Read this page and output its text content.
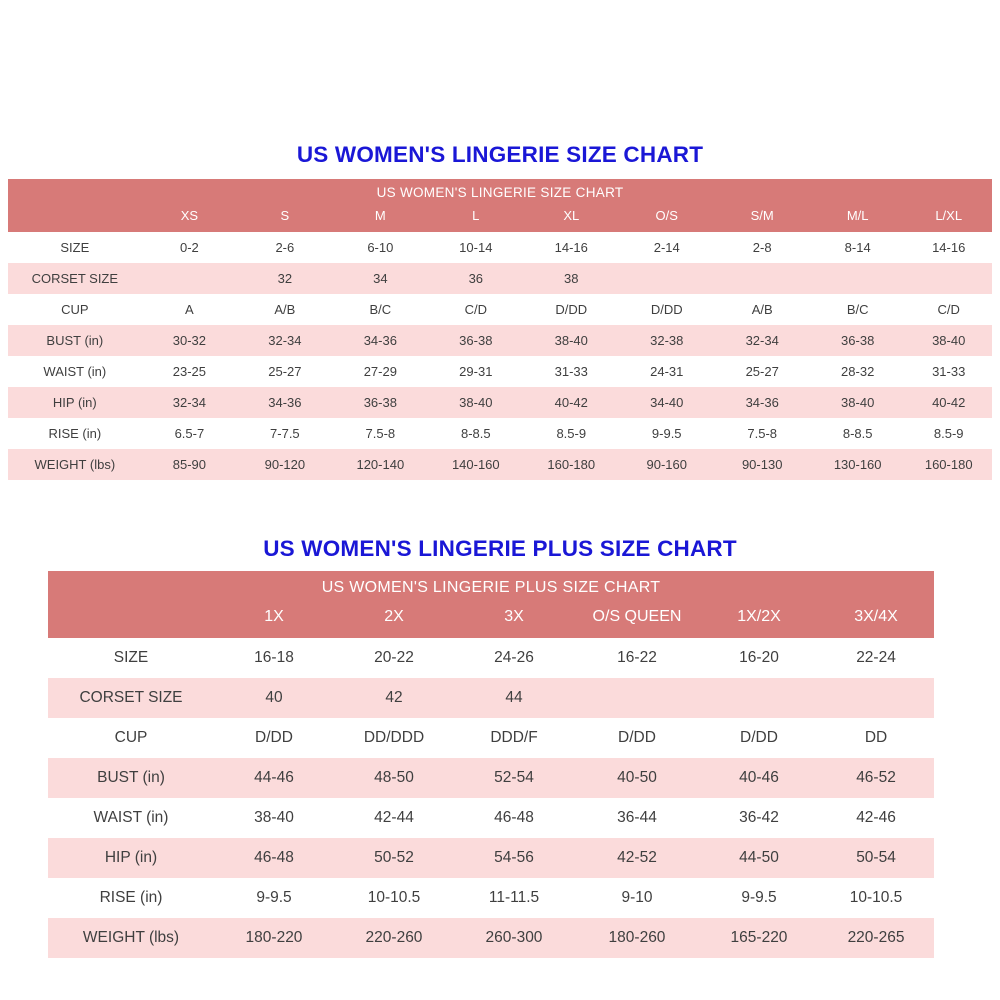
US WOMEN'S LINGERIE SIZE CHART
US WOMEN'S LINGERIE SIZE CHART									
	XS	S	M	L	XL	O/S	S/M	M/L	L/XL
SIZE	0-2	2-6	6-10	10-14	14-16	2-14	2-8	8-14	14-16
CORSET SIZE		32	34	36	38				
CUP	A	A/B	B/C	C/D	D/DD	D/DD	A/B	B/C	C/D
BUST (in)	30-32	32-34	34-36	36-38	38-40	32-38	32-34	36-38	38-40
WAIST (in)	23-25	25-27	27-29	29-31	31-33	24-31	25-27	28-32	31-33
HIP (in)	32-34	34-36	36-38	38-40	40-42	34-40	34-36	38-40	40-42
RISE (in)	6.5-7	7-7.5	7.5-8	8-8.5	8.5-9	9-9.5	7.5-8	8-8.5	8.5-9
WEIGHT (lbs)	85-90	90-120	120-140	140-160	160-180	90-160	90-130	130-160	160-180
US WOMEN'S LINGERIE PLUS SIZE CHART
US WOMEN'S LINGERIE PLUS SIZE CHART						
	1X	2X	3X	O/S QUEEN	1X/2X	3X/4X
SIZE	16-18	20-22	24-26	16-22	16-20	22-24
CORSET SIZE	40	42	44			
CUP	D/DD	DD/DDD	DDD/F	D/DD	D/DD	DD
BUST (in)	44-46	48-50	52-54	40-50	40-46	46-52
WAIST (in)	38-40	42-44	46-48	36-44	36-42	42-46
HIP (in)	46-48	50-52	54-56	42-52	44-50	50-54
RISE (in)	9-9.5	10-10.5	11-11.5	9-10	9-9.5	10-10.5
WEIGHT (lbs)	180-220	220-260	260-300	180-260	165-220	220-265
